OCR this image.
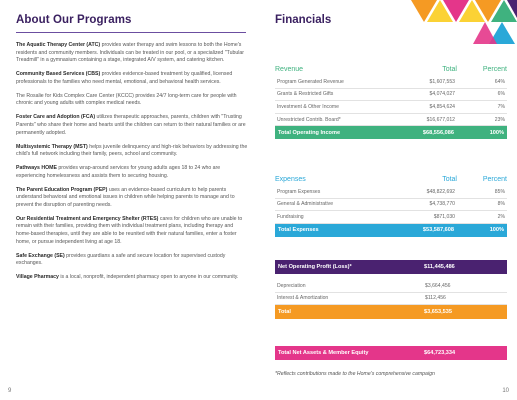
About Our Programs
The Aquatic Therapy Center (ATC) provides water therapy and swim lessons to both the Home's residents and community members. Individuals can be treated in our pool, or a specialized "Tubular Treadmill" in a gymnasium containing a stage, integrated A/V system, and catering kitchen.
Community Based Services (CBS) provides evidence-based treatment by qualified, licensed professionals to the families who need mental, emotional, and behavioral health services.
The Rosalie for Kids Complex Care Center (KCCC) provides 24/7 long-term care for people with chronic and young adults with complex medical needs.
Foster Care and Adoption (FCA) utilizes therapeutic approaches, parents, children with "Trusting Parents" who share their home and hearts until the children can return to their natural families or are permanently adopted.
Multisystemic Therapy (MST) helps juvenile delinquency and high-risk behaviors by addressing the child's full network including their family, peers, school and community.
Pathways HOME provides wrap-around services for young adults ages 18 to 24 who are experiencing homelessness and assists them to securing housing.
The Parent Education Program (PEP) uses an evidence-based curriculum to help parents understand behavioral and emotional issues in children while helping parents to manage and to prevent the disruption of parenting needs.
Our Residential Treatment and Emergency Shelter (RTES) cares for children who are unable to remain with their families, providing them with individual treatment plans, including therapy and home-based therapies, until they are able to be reunited with their natural families, enter a foster home, or pursue independent living at age 18.
Safe Exchange (SE) provides guardians a safe and secure location for supervised custody exchanges.
Village Pharmacy is a local, nonprofit, independent pharmacy open to anyone in our community.
9
Financials
Revenue	Total	Percent
Program Generated Revenue	$1,607,553	64%
Grants & Restricted Gifts	$4,074,027	6%
Investment & Other Income	$4,854,624	7%
Unrestricted Contrib. Board*	$16,677,012	23%
Total Operating Income	$68,556,086	100%
Expenses	Total	Percent
Program Expenses	$48,822,692	85%
General & Administrative	$4,738,770	8%
Fundraising	$871,030	2%
Total Expenses	$53,587,608	100%
Net Operating Profit (Loss)*	$11,445,486
Depreciation	$3,664,456
Interest & Amortization	$112,456
Total	$3,653,535
Total Net Assets & Member Equity	$64,723,334
*Reflects contributions made to the Home's comprehensive campaign
10
